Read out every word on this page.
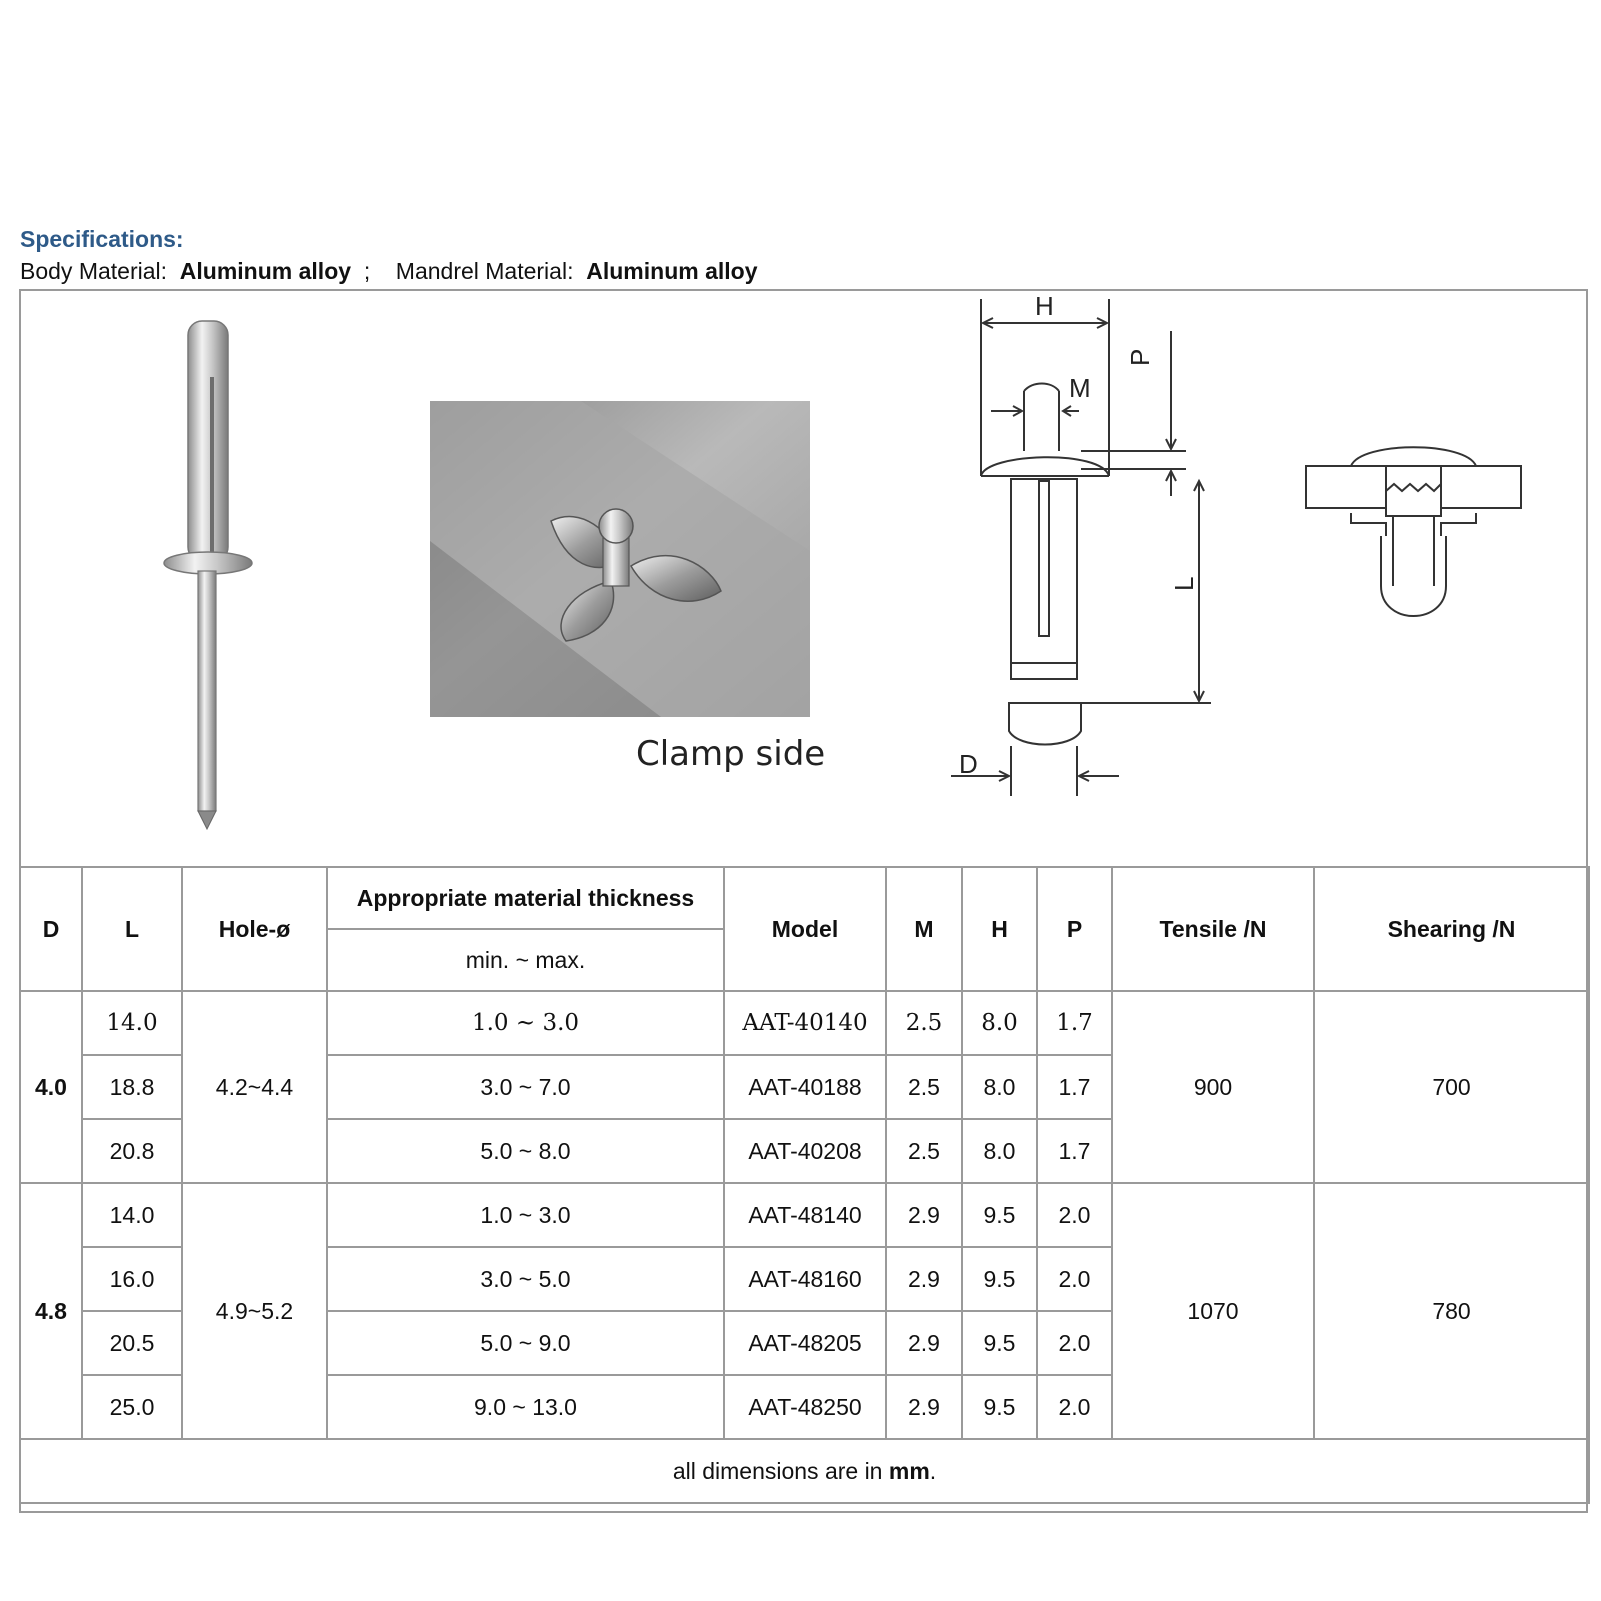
Specifications:
Body Material: Aluminum alloy ; Mandrel Material: Aluminum alloy
Clamp side
H
M
P
L
D
D	L	Hole-ø	Appropriate material thickness	Model	M	H	P	Tensile /N	Shearing /N
			min. ~ max.						
4.0	14.0	4.2~4.4	1.0 ~ 3.0	AAT-40140	2.5	8.0	1.7	900	700
	18.8		3.0 ~ 7.0	AAT-40188	2.5	8.0	1.7		
	20.8		5.0 ~ 8.0	AAT-40208	2.5	8.0	1.7		
4.8	14.0	4.9~5.2	1.0 ~ 3.0	AAT-48140	2.9	9.5	2.0	1070	780
	16.0		3.0 ~ 5.0	AAT-48160	2.9	9.5	2.0		
	20.5		5.0 ~ 9.0	AAT-48205	2.9	9.5	2.0		
	25.0		9.0 ~ 13.0	AAT-48250	2.9	9.5	2.0		
all dimensions are in mm.									
